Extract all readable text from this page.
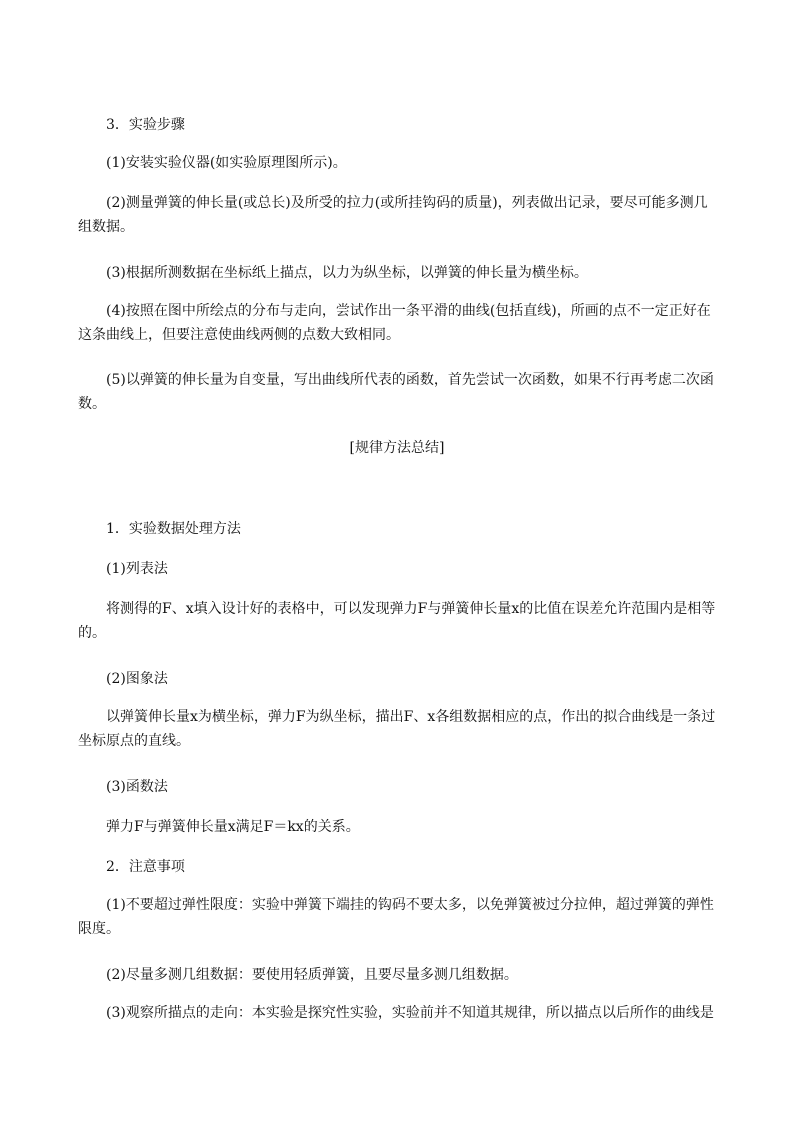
3．实验步骤

(1)安装实验仪器(如实验原理图所示)。

(2)测量弹簧的伸长量(或总长)及所受的拉力(或所挂钩码的质量)，列表做出记录，要尽可能多测几组数据。

(3)根据所测数据在坐标纸上描点，以力为纵坐标，以弹簧的伸长量为横坐标。

(4)按照在图中所绘点的分布与走向，尝试作出一条平滑的曲线(包括直线)，所画的点不一定正好在这条曲线上，但要注意使曲线两侧的点数大致相同。

(5)以弹簧的伸长量为自变量，写出曲线所代表的函数，首先尝试一次函数，如果不行再考虑二次函数。

[规律方法总结]

1．实验数据处理方法

(1)列表法

将测得的F、x填入设计好的表格中，可以发现弹力F与弹簧伸长量x的比值在误差允许范围内是相等的。

(2)图象法

以弹簧伸长量x为横坐标，弹力F为纵坐标，描出F、x各组数据相应的点，作出的拟合曲线是一条过坐标原点的直线。

(3)函数法

弹力F与弹簧伸长量x满足F＝kx的关系。

2．注意事项

(1)不要超过弹性限度：实验中弹簧下端挂的钩码不要太多，以免弹簧被过分拉伸，超过弹簧的弹性限度。

(2)尽量多测几组数据：要使用轻质弹簧，且要尽量多测几组数据。

(3)观察所描点的走向：本实验是探究性实验，实验前并不知道其规律，所以描点以后所作的曲线是
